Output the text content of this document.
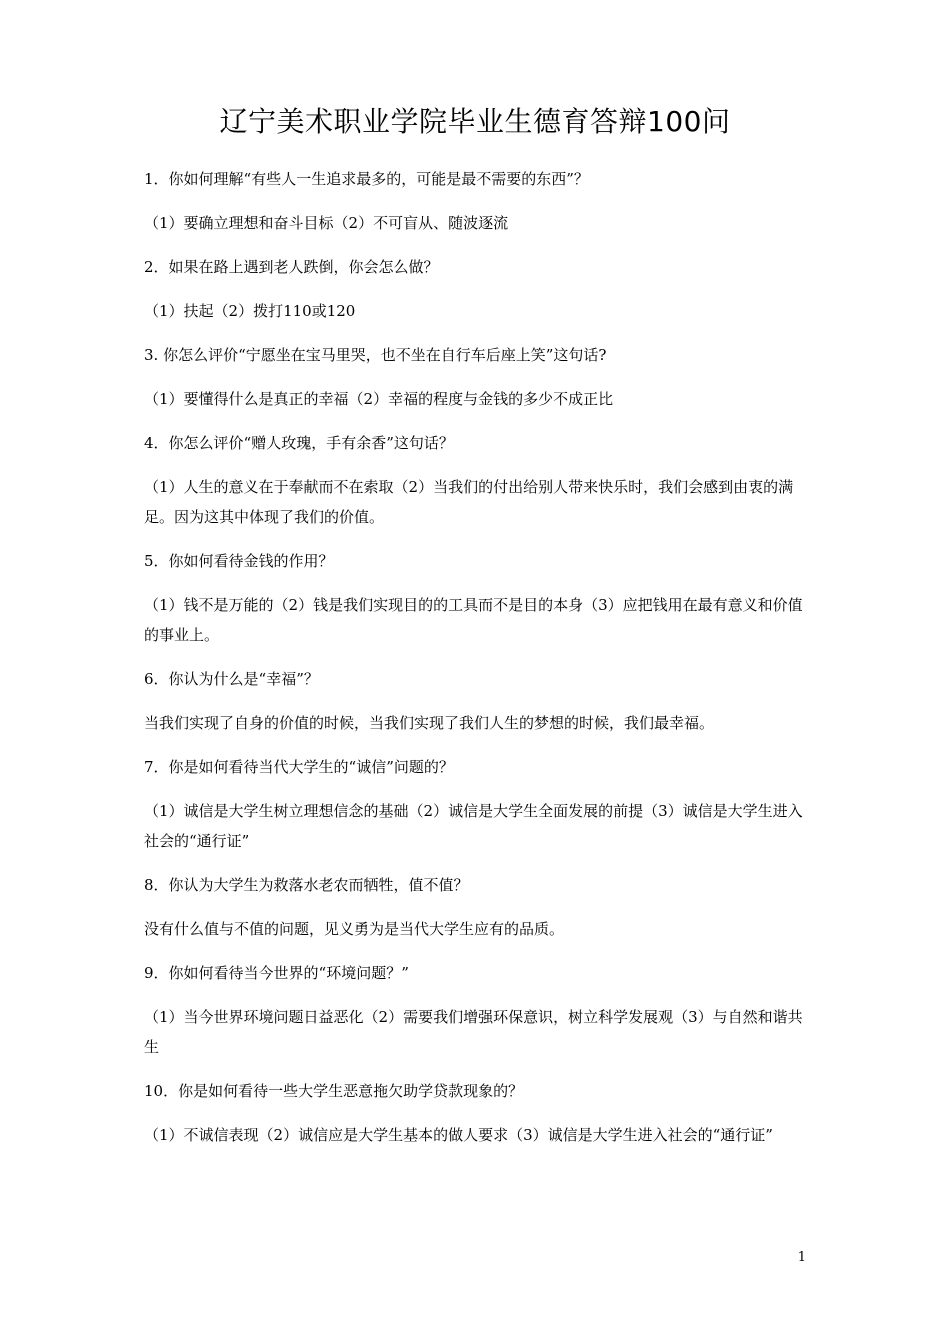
辽宁美术职业学院毕业生德育答辩100问

1．你如何理解“有些人一生追求最多的，可能是最不需要的东西”？

（1）要确立理想和奋斗目标（2）不可盲从、随波逐流

2．如果在路上遇到老人跌倒，你会怎么做？

（1）扶起（2）拨打110或120

3. 你怎么评价“宁愿坐在宝马里哭，也不坐在自行车后座上笑”这句话?

（1）要懂得什么是真正的幸福（2）幸福的程度与金钱的多少不成正比

4．你怎么评价“赠人玫瑰，手有余香”这句话？

（1）人生的意义在于奉献而不在索取（2）当我们的付出给别人带来快乐时，我们会感到由衷的满足。因为这其中体现了我们的价值。

5．你如何看待金钱的作用？

（1）钱不是万能的（2）钱是我们实现目的的工具而不是目的本身（3）应把钱用在最有意义和价值的事业上。

6．你认为什么是“幸福”？

当我们实现了自身的价值的时候，当我们实现了我们人生的梦想的时候，我们最幸福。

7．你是如何看待当代大学生的“诚信”问题的？

（1）诚信是大学生树立理想信念的基础（2）诚信是大学生全面发展的前提（3）诚信是大学生进入社会的“通行证”

8．你认为大学生为救落水老农而牺牲，值不值？

没有什么值与不值的问题，见义勇为是当代大学生应有的品质。

9．你如何看待当今世界的“环境问题？”

（1）当今世界环境问题日益恶化（2）需要我们增强环保意识，树立科学发展观（3）与自然和谐共生

10．你是如何看待一些大学生恶意拖欠助学贷款现象的？

（1）不诚信表现（2）诚信应是大学生基本的做人要求（3）诚信是大学生进入社会的“通行证”

1
